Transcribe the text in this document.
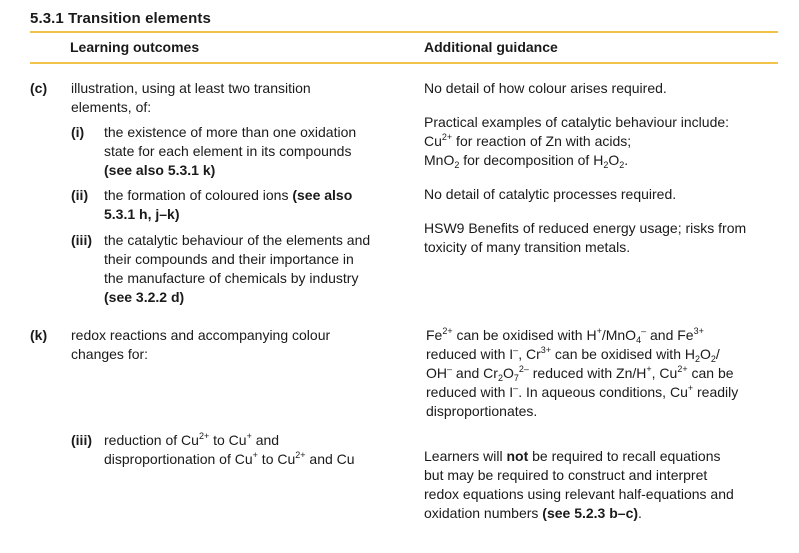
5.3.1 Transition elements
Learning outcomes	Additional guidance
(c) illustration, using at least two transition
elements, of:
(i) the existence of more than one oxidation
state for each element in its compounds
(see also 5.3.1 k)
(ii) the formation of coloured ions (see also
5.3.1 h, j–k)
(iii) the catalytic behaviour of the elements and
their compounds and their importance in
the manufacture of chemicals by industry
(see 3.2.2 d)
No detail of how colour arises required.
Practical examples of catalytic behaviour include:
$Cu^{2+}$ for reaction of Zn with acids;
MnO$_2$ for decomposition of $H_2O_2$.
No detail of catalytic processes required.
HSW9 Benefits of reduced energy usage; risks from
toxicity of many transition metals.
(k) redox reactions and accompanying colour
changes for:
(iii) reduction of $Cu^{2+}$ to Cu+ and
disproportionation of Cu+ to $Cu^{2+}$ and Cu
$Fe^{2+}$ can be oxidised with H+/MnO$_4$– and $Fe^{3+}$
reduced with I–, $Cr^{3+}$ can be oxidised with $H_2O_2/$
OH– and $Cr_2O_7^{2-}$ reduced with Zn/H+, $Cu^{2+}$ can be
reduced with I–. In aqueous conditions, Cu+ readily
disproportionates.
Learners will not be required to recall equations
but may be required to construct and interpret
redox equations using relevant half-equations and
oxidation numbers (see 5.2.3 b–c).
